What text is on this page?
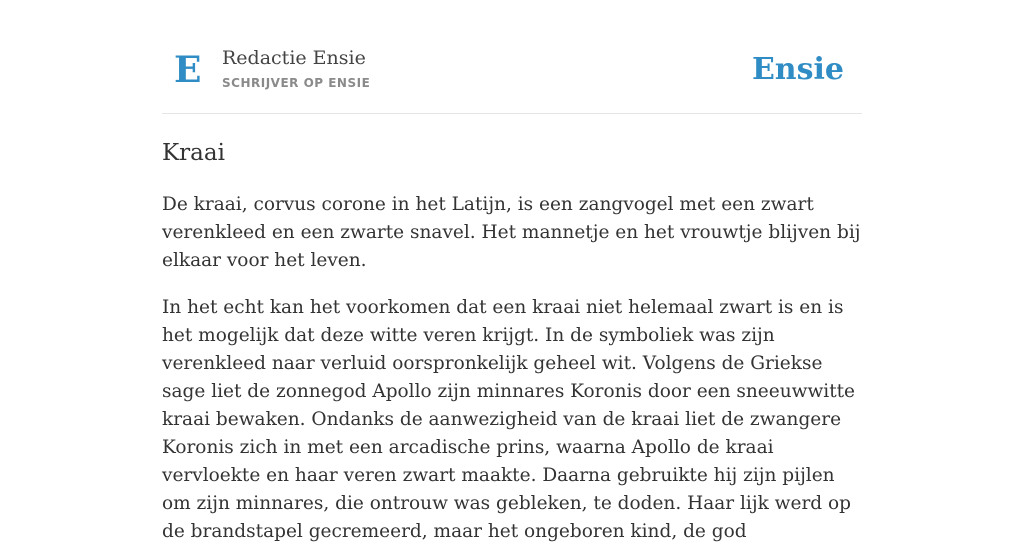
E Redactie Ensie
SCHRIJVER OP ENSIE	Ensie
Kraai

De kraai, corvus corone in het Latijn, is een zangvogel met een zwart verenkleed en een zwarte snavel. Het mannetje en het vrouwtje blijven bij elkaar voor het leven.

In het echt kan het voorkomen dat een kraai niet helemaal zwart is en is het mogelijk dat deze witte veren krijgt. In de symboliek was zijn verenkleed naar verluid oorspronkelijk geheel wit. Volgens de Griekse sage liet de zonnegod Apollo zijn minnares Koronis door een sneeuwwitte kraai bewaken. Ondanks de aanwezigheid van de kraai liet de zwangere Koronis zich in met een arcadische prins, waarna Apollo de kraai vervloekte en haar veren zwart maakte. Daarna gebruikte hij zijn pijlen om zijn minnares, die ontrouw was gebleken, te doden. Haar lijk werd op de brandstapel gecremeerd, maar het ongeboren kind, de god
